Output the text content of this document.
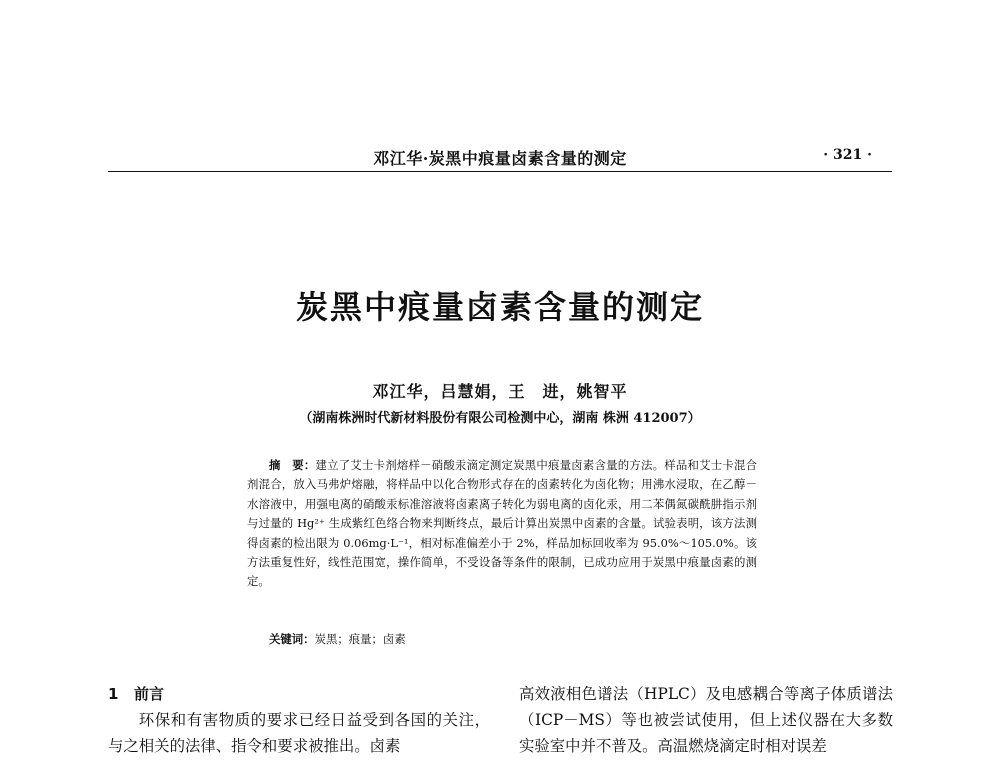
邓江华·炭黑中痕量卤素含量的测定	· 321 ·
炭黑中痕量卤素含量的测定
邓江华，吕慧娟，王　进，姚智平
（湖南株洲时代新材料股份有限公司检测中心，湖南 株洲 412007）
摘　要：建立了艾士卡剂熔样－硝酸汞滴定测定炭黑中痕量卤素含量的方法。样品和艾士卡混合剂混合，放入马弗炉熔融，将样品中以化合物形式存在的卤素转化为卤化物；用沸水浸取，在乙醇－水溶液中，用强电离的硝酸汞标准溶液将卤素离子转化为弱电离的卤化汞，用二苯偶氮碳酰肼指示剂与过量的 Hg²⁺ 生成紫红色络合物来判断终点，最后计算出炭黑中卤素的含量。试验表明，该方法测得卤素的检出限为 0.06mg·L⁻¹，相对标准偏差小于 2%，样品加标回收率为 95.0%～105.0%。该方法重复性好，线性范围宽，操作简单，不受设备等条件的限制，已成功应用于炭黑中痕量卤素的测定。
关键词：炭黑；痕量；卤素
1 前言

环保和有害物质的要求已经日益受到各国的关注，与之相关的法律、指令和要求被推出。卤素

高效液相色谱法（HPLC）及电感耦合等离子体质谱法（ICP－MS）等也被尝试使用，但上述仪器在大多数实验室中并不普及。高温燃烧滴定时相对误差
